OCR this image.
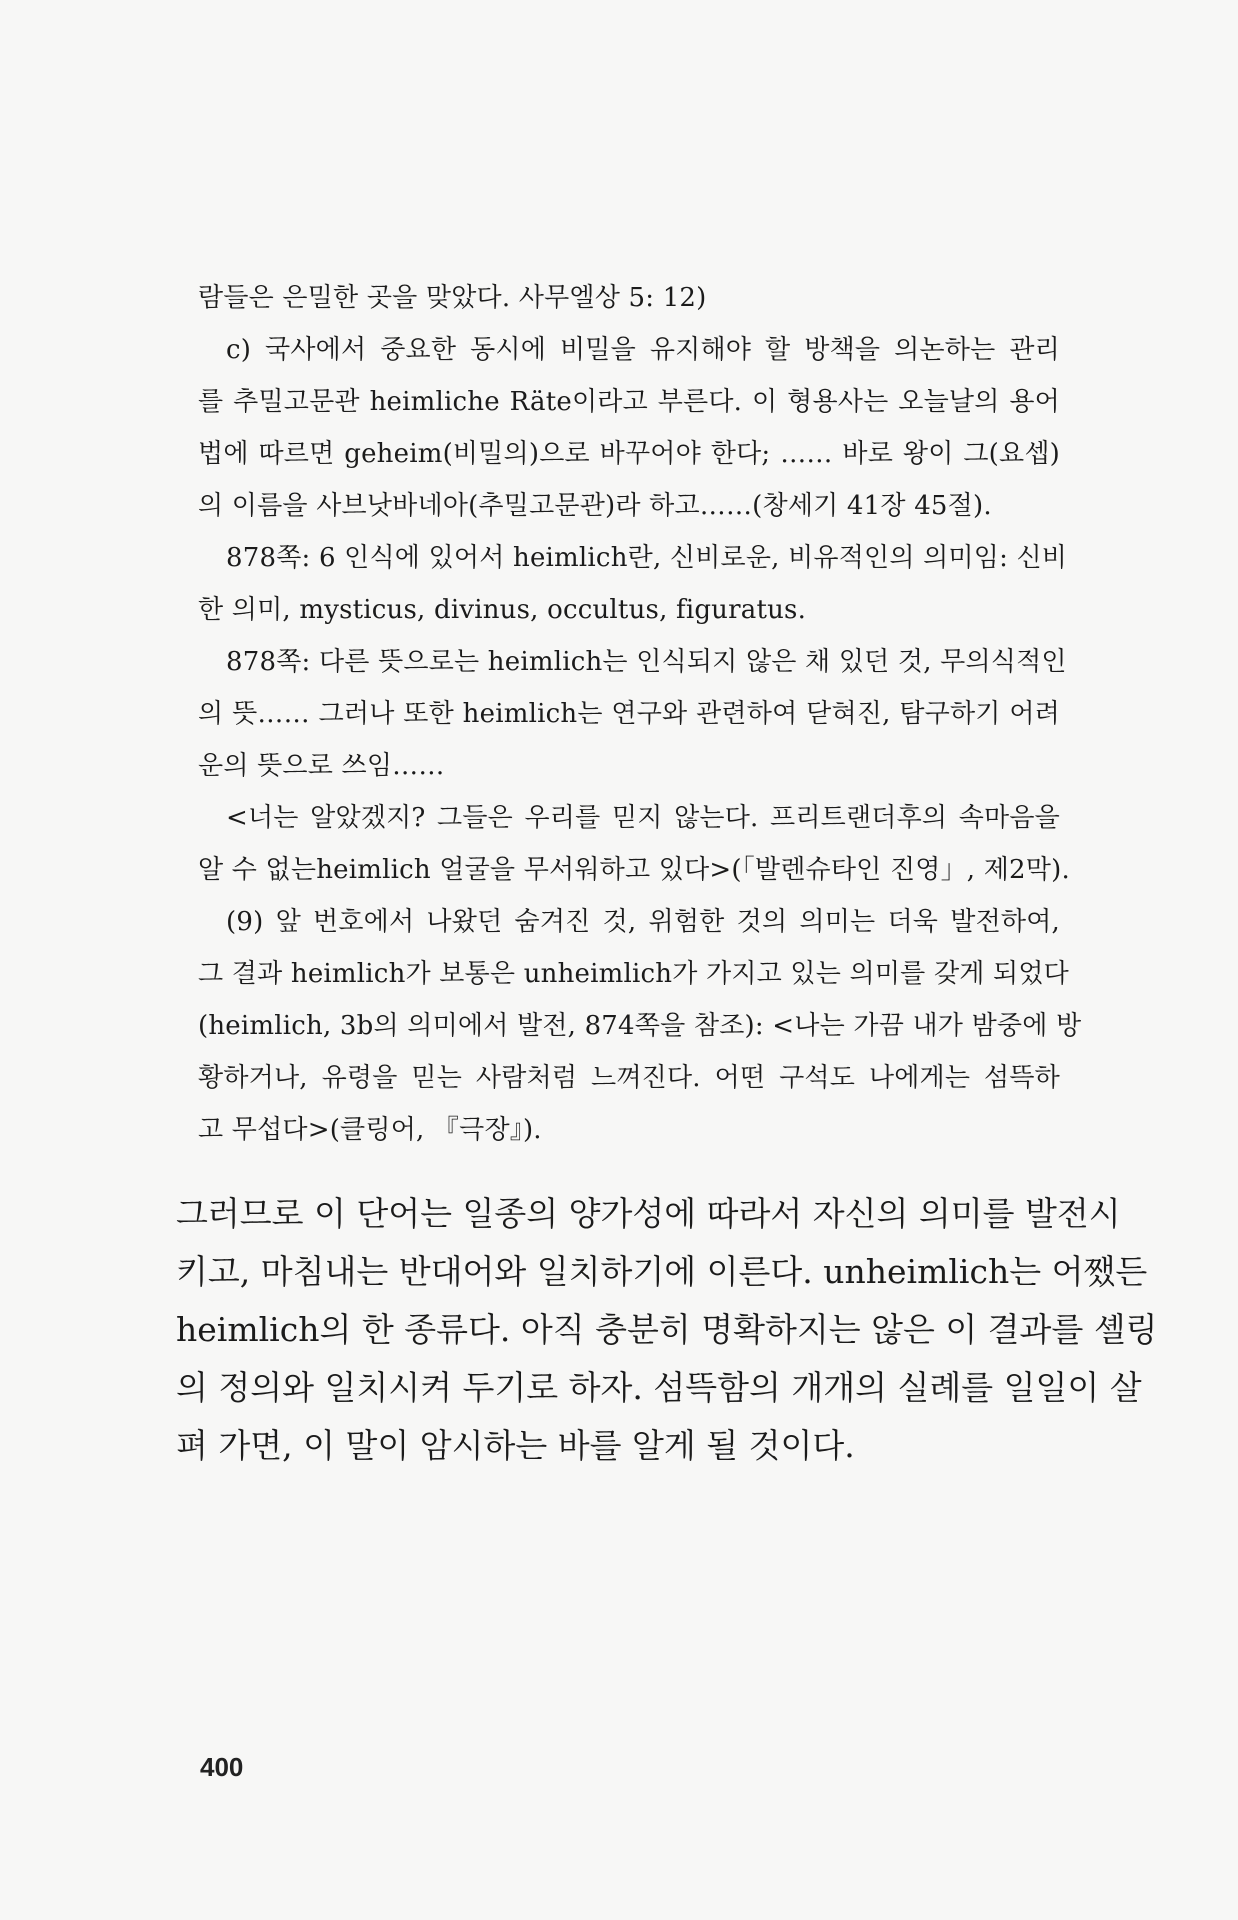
람들은 은밀한 곳을 맞았다. 사무엘상 5: 12)
c) 국사에서 중요한 동시에 비밀을 유지해야 할 방책을 의논하는 관리
를 추밀고문관 heimliche Räte이라고 부른다. 이 형용사는 오늘날의 용어
법에 따르면 geheim(비밀의)으로 바꾸어야 한다; …… 바로 왕이 그(요셉)
의 이름을 사브낫바네아(추밀고문관)라 하고……(창세기 41장 45절).
878쪽: 6 인식에 있어서 heimlich란, 신비로운, 비유적인의 의미임: 신비
한 의미, mysticus, divinus, occultus, figuratus.
878쪽: 다른 뜻으로는 heimlich는 인식되지 않은 채 있던 것, 무의식적인
의 뜻…… 그러나 또한 heimlich는 연구와 관련하여 닫혀진, 탐구하기 어려
운의 뜻으로 쓰임……
<너는 알았겠지? 그들은 우리를 믿지 않는다. 프리트랜더후의 속마음을
알 수 없는heimlich 얼굴을 무서워하고 있다>(「발렌슈타인 진영」, 제2막).
(9) 앞 번호에서 나왔던 숨겨진 것, 위험한 것의 의미는 더욱 발전하여,
그 결과 heimlich가 보통은 unheimlich가 가지고 있는 의미를 갖게 되었다
(heimlich, 3b의 의미에서 발전, 874쪽을 참조): <나는 가끔 내가 밤중에 방
황하거나, 유령을 믿는 사람처럼 느껴진다. 어떤 구석도 나에게는 섬뜩하
고 무섭다>(클링어, 『극장』).
그러므로 이 단어는 일종의 양가성에 따라서 자신의 의미를 발전시
키고, 마침내는 반대어와 일치하기에 이른다. unheimlich는 어쨌든
heimlich의 한 종류다. 아직 충분히 명확하지는 않은 이 결과를 셸링
의 정의와 일치시켜 두기로 하자. 섬뜩함의 개개의 실례를 일일이 살
펴 가면, 이 말이 암시하는 바를 알게 될 것이다.
400
